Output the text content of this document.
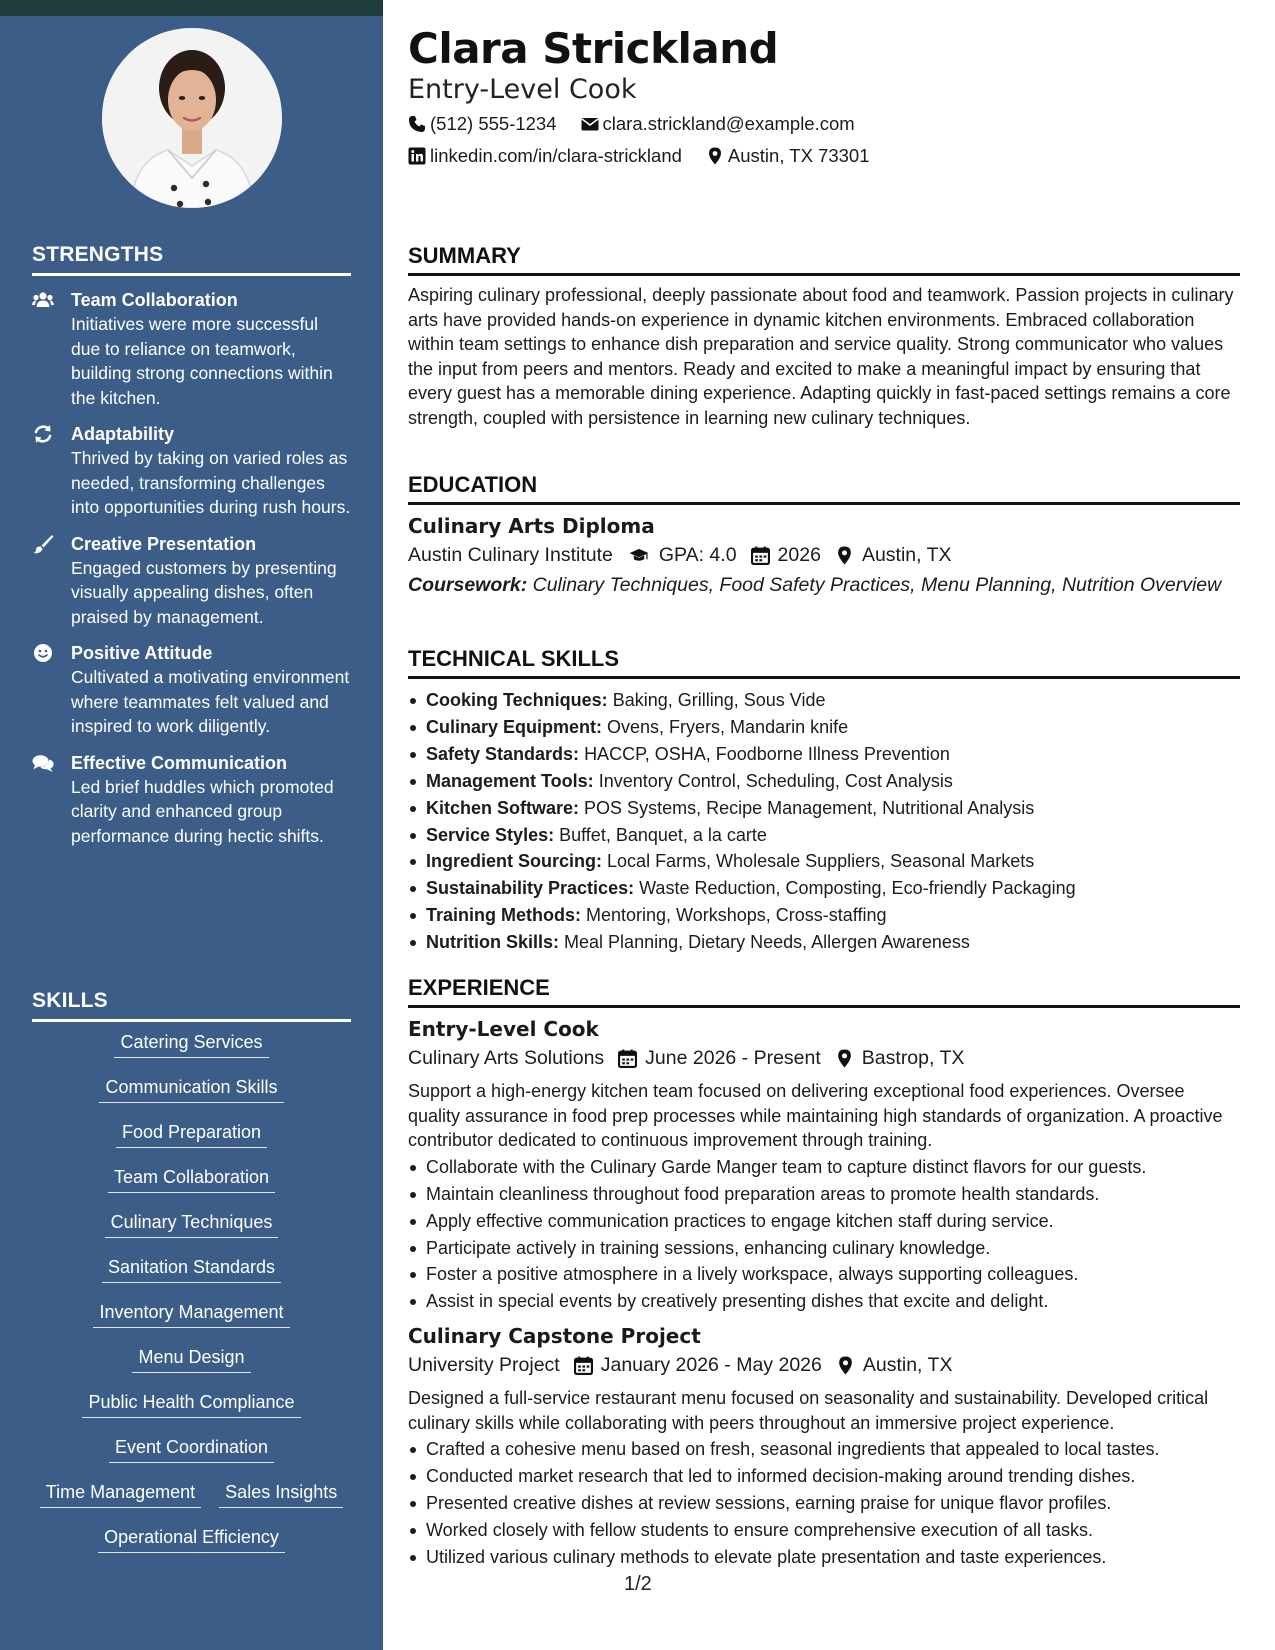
STRENGTHS
Team Collaboration
Initiatives were more successful due to reliance on teamwork, building strong connections within the kitchen.
Adaptability
Thrived by taking on varied roles as needed, transforming challenges into opportunities during rush hours.
Creative Presentation
Engaged customers by presenting visually appealing dishes, often praised by management.
Positive Attitude
Cultivated a motivating environment where teammates felt valued and inspired to work diligently.
Effective Communication
Led brief huddles which promoted clarity and enhanced group performance during hectic shifts.
SKILLS
Catering Services
Communication Skills
Food Preparation
Team Collaboration
Culinary Techniques
Sanitation Standards
Inventory Management
Menu Design
Public Health Compliance
Event Coordination
Time Management	Sales Insights
Operational Efficiency
Clara Strickland
Entry-Level Cook
(512) 555-1234 clara.strickland@example.com
linkedin.com/in/clara-strickland Austin, TX 73301
SUMMARY
Aspiring culinary professional, deeply passionate about food and teamwork. Passion projects in culinary arts have provided hands-on experience in dynamic kitchen environments. Embraced collaboration within team settings to enhance dish preparation and service quality. Strong communicator who values the input from peers and mentors. Ready and excited to make a meaningful impact by ensuring that every guest has a memorable dining experience. Adapting quickly in fast-paced settings remains a core strength, coupled with persistence in learning new culinary techniques.
EDUCATION
Culinary Arts Diploma
Austin Culinary Institute GPA: 4.0 2026 Austin, TX
Coursework: Culinary Techniques, Food Safety Practices, Menu Planning, Nutrition Overview
TECHNICAL SKILLS
Cooking Techniques: Baking, Grilling, Sous Vide
Culinary Equipment: Ovens, Fryers, Mandarin knife
Safety Standards: HACCP, OSHA, Foodborne Illness Prevention
Management Tools: Inventory Control, Scheduling, Cost Analysis
Kitchen Software: POS Systems, Recipe Management, Nutritional Analysis
Service Styles: Buffet, Banquet, a la carte
Ingredient Sourcing: Local Farms, Wholesale Suppliers, Seasonal Markets
Sustainability Practices: Waste Reduction, Composting, Eco-friendly Packaging
Training Methods: Mentoring, Workshops, Cross-staffing
Nutrition Skills: Meal Planning, Dietary Needs, Allergen Awareness
EXPERIENCE
Entry-Level Cook
Culinary Arts Solutions June 2026 - Present Bastrop, TX
Support a high-energy kitchen team focused on delivering exceptional food experiences. Oversee quality assurance in food prep processes while maintaining high standards of organization. A proactive contributor dedicated to continuous improvement through training.
Collaborate with the Culinary Garde Manger team to capture distinct flavors for our guests.
Maintain cleanliness throughout food preparation areas to promote health standards.
Apply effective communication practices to engage kitchen staff during service.
Participate actively in training sessions, enhancing culinary knowledge.
Foster a positive atmosphere in a lively workspace, always supporting colleagues.
Assist in special events by creatively presenting dishes that excite and delight.
Culinary Capstone Project
University Project January 2026 - May 2026 Austin, TX
Designed a full-service restaurant menu focused on seasonality and sustainability. Developed critical culinary skills while collaborating with peers throughout an immersive project experience.
Crafted a cohesive menu based on fresh, seasonal ingredients that appealed to local tastes.
Conducted market research that led to informed decision-making around trending dishes.
Presented creative dishes at review sessions, earning praise for unique flavor profiles.
Worked closely with fellow students to ensure comprehensive execution of all tasks.
Utilized various culinary methods to elevate plate presentation and taste experiences.
1/2
